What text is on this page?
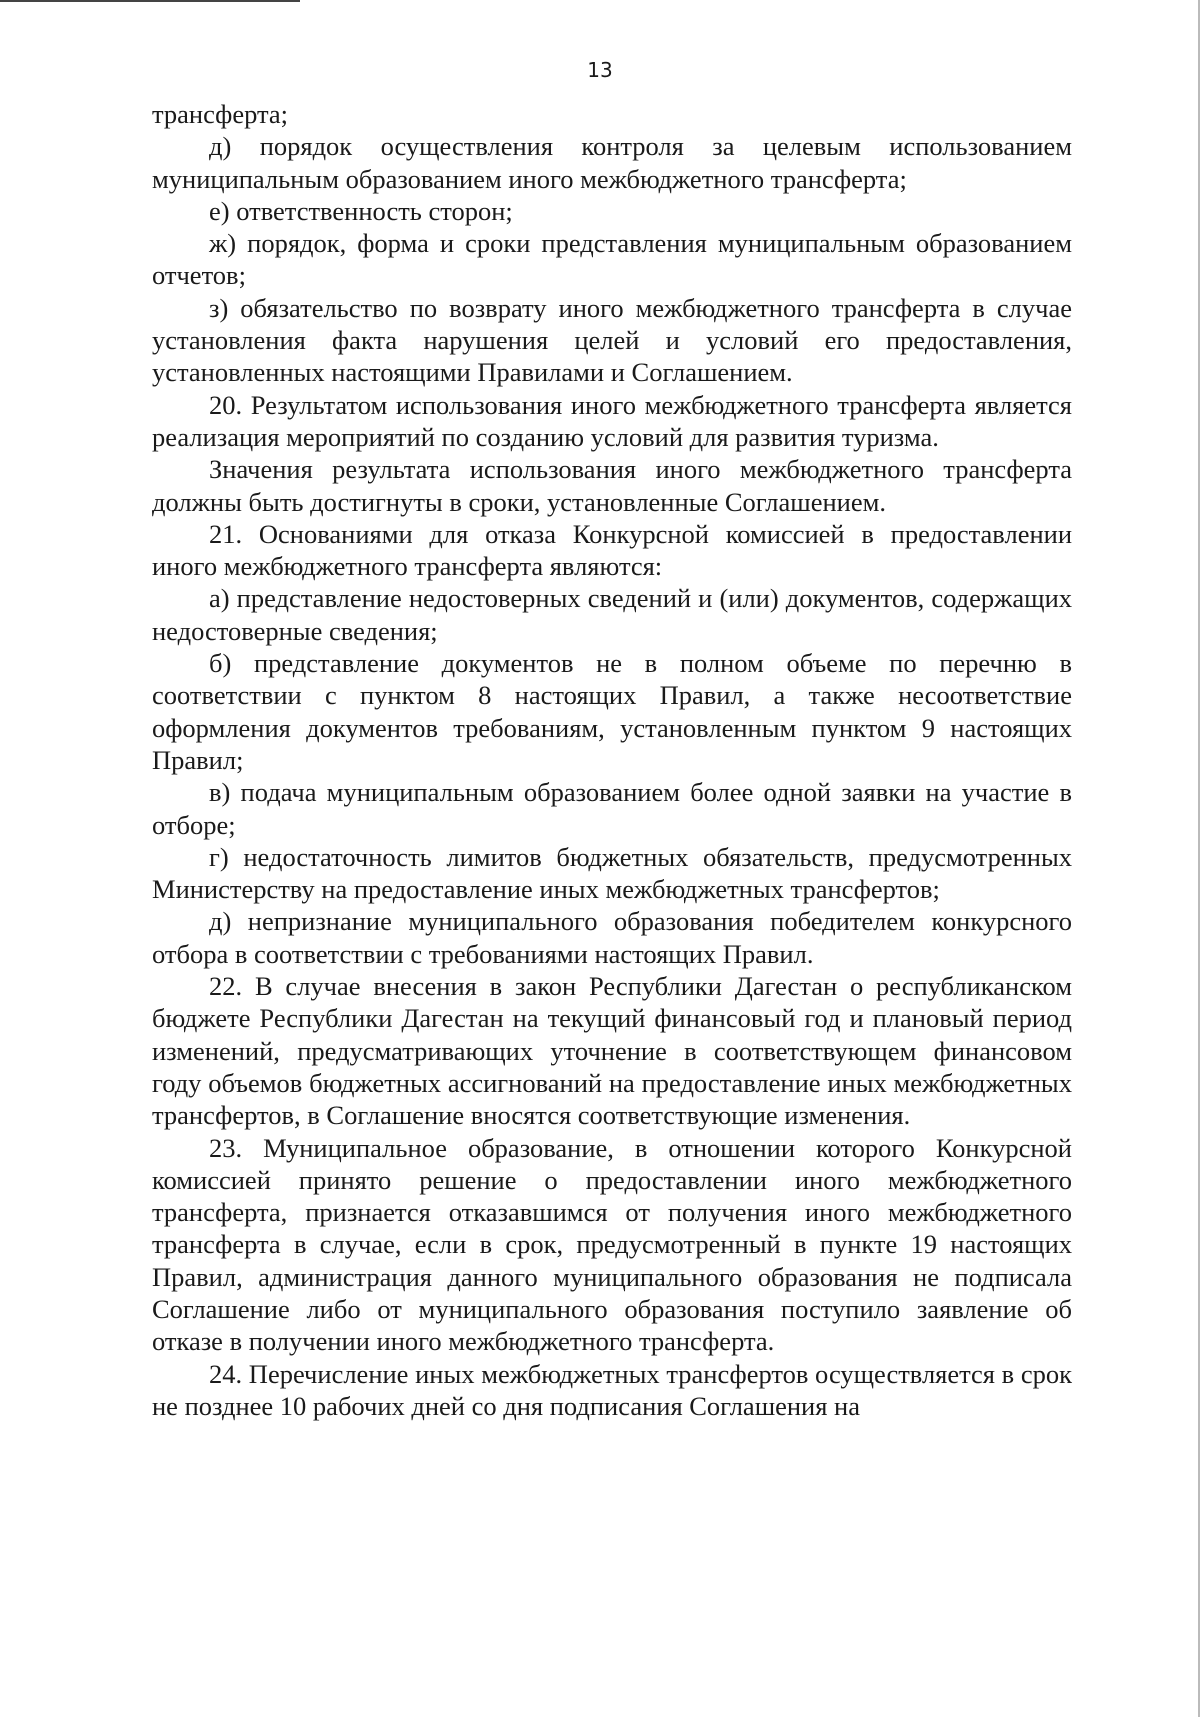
13

трансферта;

д) порядок осуществления контроля за целевым использованием муниципальным образованием иного межбюджетного трансферта;

е) ответственность сторон;

ж) порядок, форма и сроки представления муниципальным образованием отчетов;

з) обязательство по возврату иного межбюджетного трансферта в случае установления факта нарушения целей и условий его предоставления, установленных настоящими Правилами и Соглашением.

20. Результатом использования иного межбюджетного трансферта является реализация мероприятий по созданию условий для развития туризма.

Значения результата использования иного межбюджетного трансферта должны быть достигнуты в сроки, установленные Соглашением.

21. Основаниями для отказа Конкурсной комиссией в предоставлении иного межбюджетного трансферта являются:

а) представление недостоверных сведений и (или) документов, содержащих недостоверные сведения;

б) представление документов не в полном объеме по перечню в соответствии с пунктом 8 настоящих Правил, а также несоответствие оформления документов требованиям, установленным пунктом 9 настоящих Правил;

в) подача муниципальным образованием более одной заявки на участие в отборе;

г) недостаточность лимитов бюджетных обязательств, предусмотренных Министерству на предоставление иных межбюджетных трансфертов;

д) непризнание муниципального образования победителем конкурсного отбора в соответствии с требованиями настоящих Правил.

22. В случае внесения в закон Республики Дагестан о республиканском бюджете Республики Дагестан на текущий финансовый год и плановый период изменений, предусматривающих уточнение в соответствующем финансовом году объемов бюджетных ассигнований на предоставление иных межбюджетных трансфертов, в Соглашение вносятся соответствующие изменения.

23. Муниципальное образование, в отношении которого Конкурсной комиссией принято решение о предоставлении иного межбюджетного трансферта, признается отказавшимся от получения иного межбюджетного трансферта в случае, если в срок, предусмотренный в пункте 19 настоящих Правил, администрация данного муниципального образования не подписала Соглашение либо от муниципального образования поступило заявление об отказе в получении иного межбюджетного трансферта.

24. Перечисление иных межбюджетных трансфертов осуществляется в срок не позднее 10 рабочих дней со дня подписания Соглашения на
